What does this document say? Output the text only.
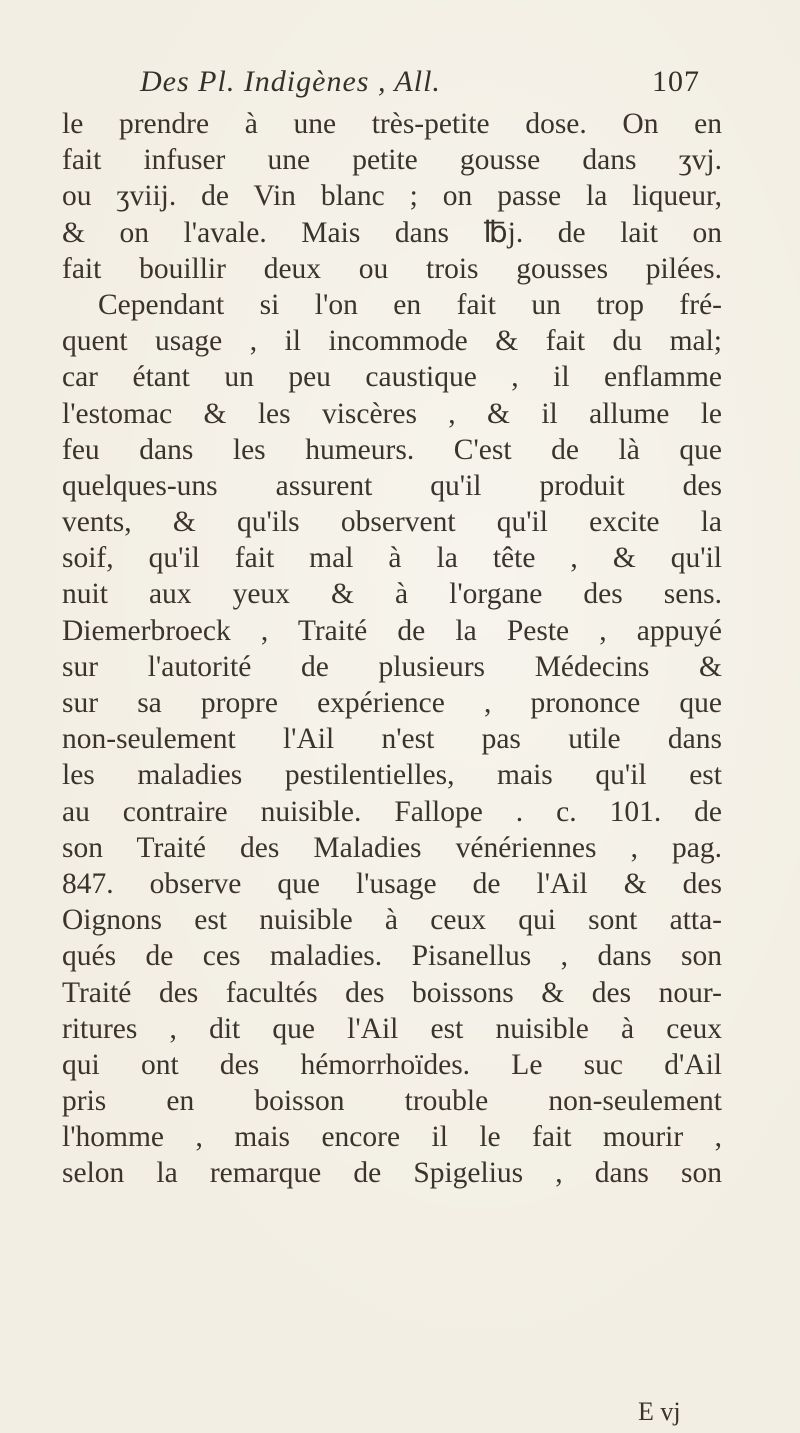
Des Pl. Indigènes , All.	107
le prendre à une très-petite dose. On en
fait infuser une petite gousse dans ʒvj.
ou ʒviij. de Vin blanc ; on passe la liqueur,
& on l'avale. Mais dans ℔j. de lait on
fait bouillir deux ou trois gousses pilées.
Cependant si l'on en fait un trop fré-
quent usage , il incommode & fait du mal;
car étant un peu caustique , il enflamme
l'estomac & les viscères , & il allume le
feu dans les humeurs. C'est de là que
quelques-uns assurent qu'il produit des
vents, & qu'ils observent qu'il excite la
soif, qu'il fait mal à la tête , & qu'il
nuit aux yeux & à l'organe des sens.
Diemerbroeck , Traité de la Peste , appuyé
sur l'autorité de plusieurs Médecins &
sur sa propre expérience , prononce que
non-seulement l'Ail n'est pas utile dans
les maladies pestilentielles, mais qu'il est
au contraire nuisible. Fallope . c. 101. de
son Traité des Maladies vénériennes , pag.
847. observe que l'usage de l'Ail & des
Oignons est nuisible à ceux qui sont atta-
qués de ces maladies. Pisanellus , dans son
Traité des facultés des boissons & des nour-
ritures , dit que l'Ail est nuisible à ceux
qui ont des hémorrhoïdes. Le suc d'Ail
pris en boisson trouble non-seulement
l'homme , mais encore il le fait mourir ,
selon la remarque de Spigelius , dans son
E vj
